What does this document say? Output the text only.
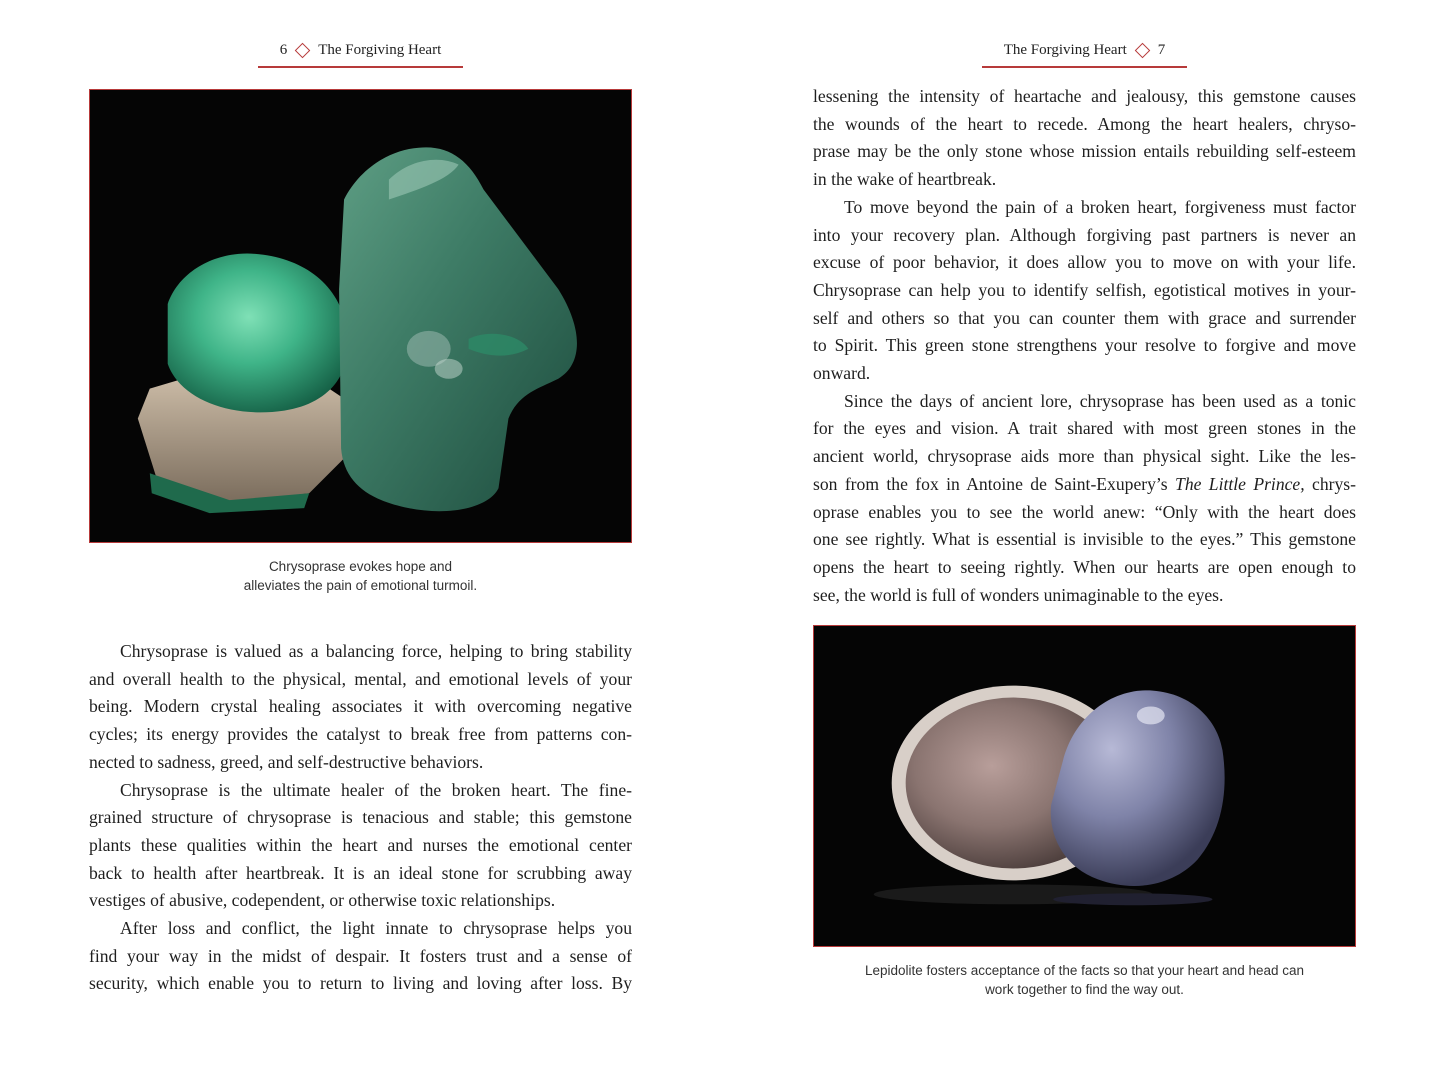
6 The Forgiving Heart
Chrysoprase evokes hope and
alleviates the pain of emotional turmoil.
Chrysoprase is valued as a balancing force, helping to bring stability
and overall health to the physical, mental, and emotional levels of your
being. Modern crystal healing associates it with overcoming negative
cycles; its energy provides the catalyst to break free from patterns con-
nected to sadness, greed, and self-destructive behaviors.
Chrysoprase is the ultimate healer of the broken heart. The fine-
grained structure of chrysoprase is tenacious and stable; this gemstone
plants these qualities within the heart and nurses the emotional center
back to health after heartbreak. It is an ideal stone for scrubbing away
vestiges of abusive, codependent, or otherwise toxic relationships.
After loss and conflict, the light innate to chrysoprase helps you
find your way in the midst of despair. It fosters trust and a sense of
security, which enable you to return to living and loving after loss. By
The Forgiving Heart 7
lessening the intensity of heartache and jealousy, this gemstone causes
the wounds of the heart to recede. Among the heart healers, chryso-
prase may be the only stone whose mission entails rebuilding self-esteem
in the wake of heartbreak.
To move beyond the pain of a broken heart, forgiveness must factor
into your recovery plan. Although forgiving past partners is never an
excuse of poor behavior, it does allow you to move on with your life.
Chrysoprase can help you to identify selfish, egotistical motives in your-
self and others so that you can counter them with grace and surrender
to Spirit. This green stone strengthens your resolve to forgive and move
onward.
Since the days of ancient lore, chrysoprase has been used as a tonic
for the eyes and vision. A trait shared with most green stones in the
ancient world, chrysoprase aids more than physical sight. Like the les-
son from the fox in Antoine de Saint-Exupery’s The Little Prince, chrys-
oprase enables you to see the world anew: “Only with the heart does
one see rightly. What is essential is invisible to the eyes.” This gemstone
opens the heart to seeing rightly. When our hearts are open enough to
see, the world is full of wonders unimaginable to the eyes.
Lepidolite fosters acceptance of the facts so that your heart and head can
work together to find the way out.
